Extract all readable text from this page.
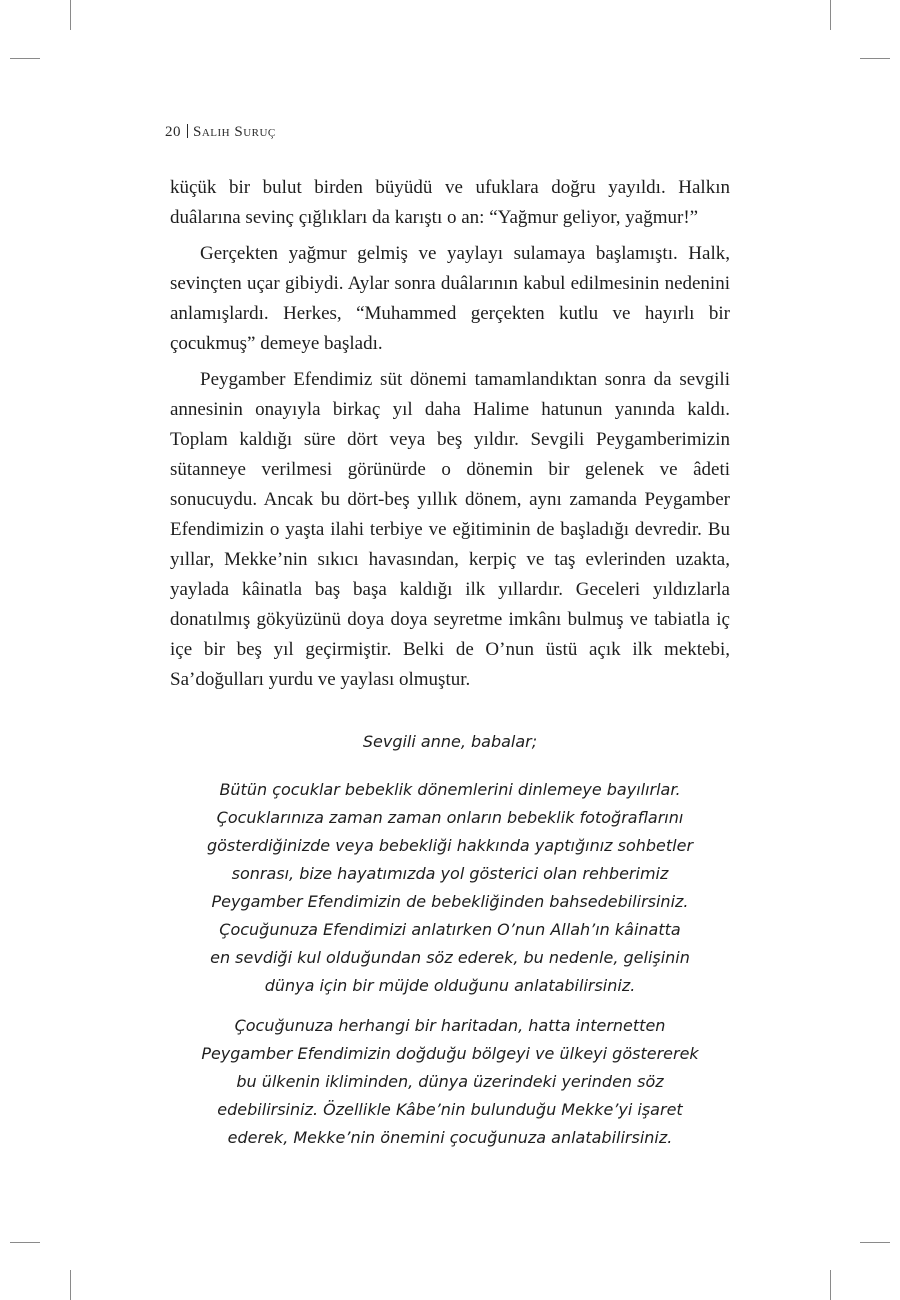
20 Salih Suruç

küçük bir bulut birden büyüdü ve ufuklara doğru yayıldı. Halkın duâlarına sevinç çığlıkları da karıştı o an: “Yağmur geliyor, yağmur!”

Gerçekten yağmur gelmiş ve yaylayı sulamaya başlamıştı. Halk, sevinçten uçar gibiydi. Aylar sonra duâlarının kabul edilmesinin nedenini anlamışlardı. Herkes, “Muhammed gerçekten kutlu ve hayırlı bir çocukmuş” demeye başladı.

Peygamber Efendimiz süt dönemi tamamlandıktan sonra da sevgili annesinin onayıyla birkaç yıl daha Halime hatunun yanında kaldı. Toplam kaldığı süre dört veya beş yıldır. Sevgili Peygamberimizin sütanneye verilmesi görünürde o dönemin bir gelenek ve âdeti sonucuydu. Ancak bu dört-beş yıllık dönem, aynı zamanda Peygamber Efendimizin o yaşta ilahi terbiye ve eğitiminin de başladığı devredir. Bu yıllar, Mekke’nin sıkıcı havasından, kerpiç ve taş evlerinden uzakta, yaylada kâinatla baş başa kaldığı ilk yıllardır. Geceleri yıldızlarla donatılmış gökyüzünü doya doya seyretme imkânı bulmuş ve tabiatla iç içe bir beş yıl geçirmiştir. Belki de O’nun üstü açık ilk mektebi, Sa’doğulları yurdu ve yaylası olmuştur.

Sevgili anne, babalar;
Bütün çocuklar bebeklik dönemlerini dinlemeye bayılırlar.
Çocuklarınıza zaman zaman onların bebeklik fotoğraflarını
gösterdiğinizde veya bebekliği hakkında yaptığınız sohbetler
sonrası, bize hayatımızda yol gösterici olan rehberimiz
Peygamber Efendimizin de bebekliğinden bahsedebilirsiniz.
Çocuğunuza Efendimizi anlatırken O’nun Allah’ın kâinatta
en sevdiği kul olduğundan söz ederek, bu nedenle, gelişinin
dünya için bir müjde olduğunu anlatabilirsiniz.
Çocuğunuza herhangi bir haritadan, hatta internetten
Peygamber Efendimizin doğduğu bölgeyi ve ülkeyi göstererek
bu ülkenin ikliminden, dünya üzerindeki yerinden söz
edebilirsiniz. Özellikle Kâbe’nin bulunduğu Mekke’yi işaret
ederek, Mekke’nin önemini çocuğunuza anlatabilirsiniz.
